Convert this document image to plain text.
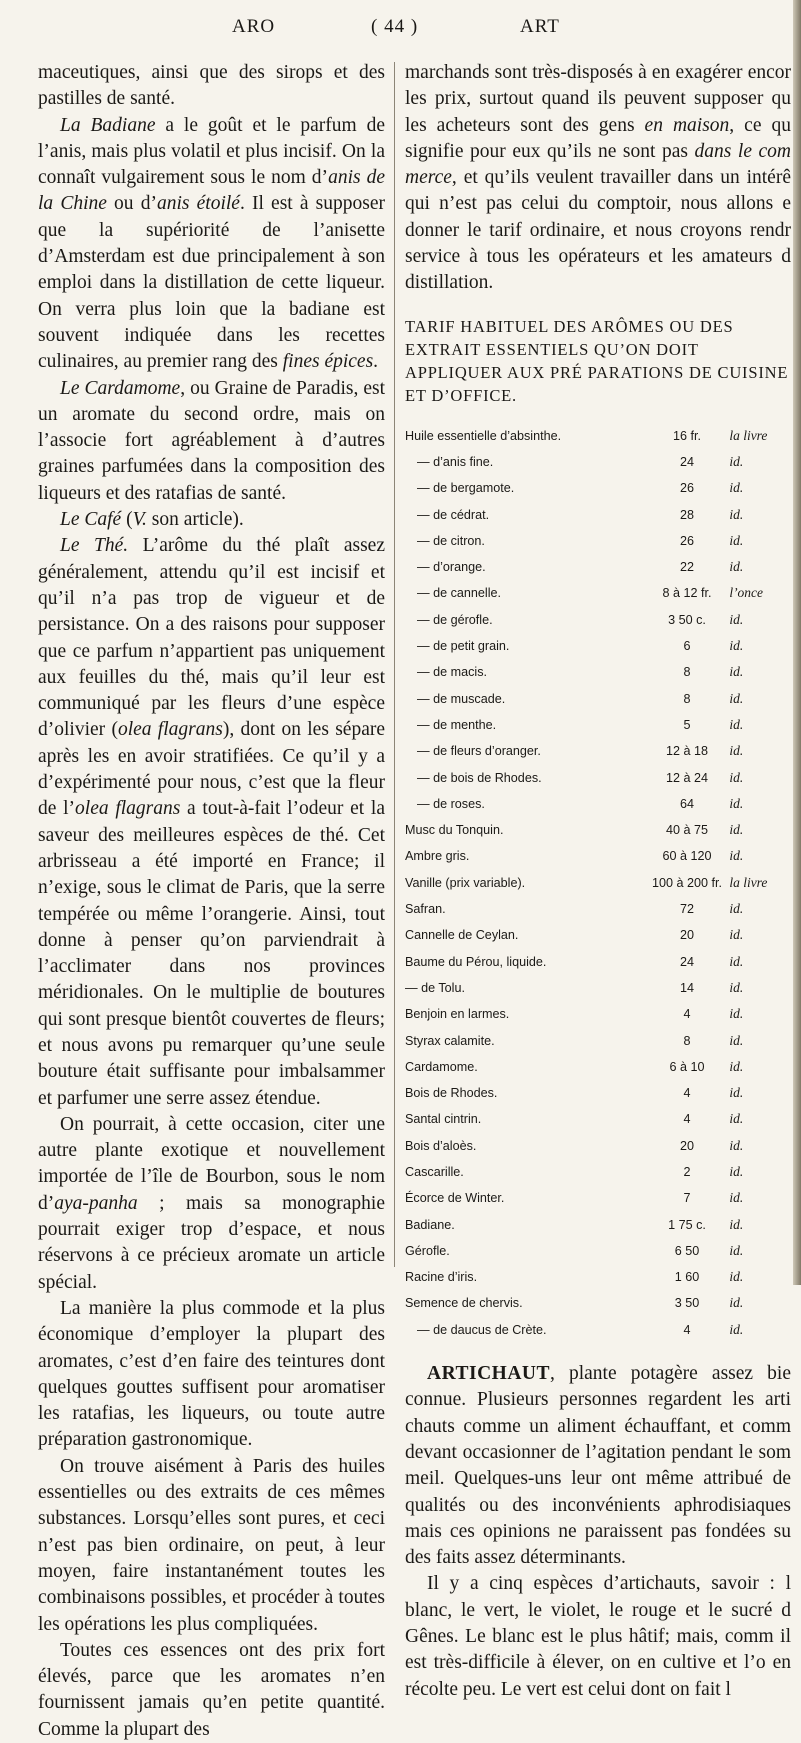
ARO	( 44 )	ART

maceutiques, ainsi que des sirops et des pastilles de santé.

La Badiane a le goût et le parfum de l’anis, mais plus volatil et plus incisif. On la connaît vulgairement sous le nom d’anis de la Chine ou d’anis étoilé. Il est à supposer que la supériorité de l’anisette d’Amsterdam est due principalement à son emploi dans la distillation de cette liqueur. On verra plus loin que la badiane est souvent indiquée dans les recettes culinaires, au premier rang des fines épices.

Le Cardamome, ou Graine de Paradis, est un aromate du second ordre, mais on l’associe fort agréablement à d’autres graines parfumées dans la composition des liqueurs et des ratafias de santé.

Le Café (V. son article).

Le Thé. L’arôme du thé plaît assez généralement, attendu qu’il est incisif et qu’il n’a pas trop de vigueur et de persistance. On a des raisons pour supposer que ce parfum n’appartient pas uniquement aux feuilles du thé, mais qu’il leur est communiqué par les fleurs d’une espèce d’olivier (olea flagrans), dont on les sépare après les en avoir stratifiées. Ce qu’il y a d’expérimenté pour nous, c’est que la fleur de l’olea flagrans a tout-à-fait l’odeur et la saveur des meilleures espèces de thé. Cet arbrisseau a été importé en France; il n’exige, sous le climat de Paris, que la serre tempérée ou même l’orangerie. Ainsi, tout donne à penser qu’on parviendrait à l’acclimater dans nos provinces méridionales. On le multiplie de boutures qui sont presque bientôt couvertes de fleurs; et nous avons pu remarquer qu’une seule bouture était suffisante pour imbalsammer et parfumer une serre assez étendue.

On pourrait, à cette occasion, citer une autre plante exotique et nouvellement importée de l’île de Bourbon, sous le nom d’aya-panha ; mais sa monographie pourrait exiger trop d’espace, et nous réservons à ce précieux aromate un article spécial.

La manière la plus commode et la plus économique d’employer la plupart des aromates, c’est d’en faire des teintures dont quelques gouttes suffisent pour aromatiser les ratafias, les liqueurs, ou toute autre préparation gastronomique.

On trouve aisément à Paris des huiles essentielles ou des extraits de ces mêmes substances. Lorsqu’elles sont pures, et ceci n’est pas bien ordinaire, on peut, à leur moyen, faire instantanément toutes les combinaisons possibles, et procéder à toutes les opérations les plus compliquées.

Toutes ces essences ont des prix fort élevés, parce que les aromates n’en fournissent jamais qu’en petite quantité. Comme la plupart des

marchands sont très-disposés à en exagérer encor les prix, surtout quand ils peuvent supposer qu les acheteurs sont des gens en maison, ce qu signifie pour eux qu’ils ne sont pas dans le com merce, et qu’ils veulent travailler dans un intérê qui n’est pas celui du comptoir, nous allons e donner le tarif ordinaire, et nous croyons rendr service à tous les opérateurs et les amateurs d distillation.

TARIF HABITUEL DES ARÔMES OU DES EXTRAIT ESSENTIELS QU’ON DOIT APPLIQUER AUX PRÉ PARATIONS DE CUISINE ET D’OFFICE.
Huile essentielle d’absinthe.	16 fr.	la livre
— d’anis fine.	24	id.
— de bergamote.	26	id.
— de cédrat.	28	id.
— de citron.	26	id.
— d’orange.	22	id.
— de cannelle.	8 à 12 fr.	l’once
— de gérofle.	3 50 c.	id.
— de petit grain.	6	id.
— de macis.	8	id.
— de muscade.	8	id.
— de menthe.	5	id.
— de fleurs d’oranger.	12 à 18	id.
— de bois de Rhodes.	12 à 24	id.
— de roses.	64	id.
Musc du Tonquin.	40 à 75	id.
Ambre gris.	60 à 120	id.
Vanille (prix variable).	100 à 200 fr.	la livre
Safran.	72	id.
Cannelle de Ceylan.	20	id.
Baume du Pérou, liquide.	24	id.
— de Tolu.	14	id.
Benjoin en larmes.	4	id.
Styrax calamite.	8	id.
Cardamome.	6 à 10	id.
Bois de Rhodes.	4	id.
Santal cintrin.	4	id.
Bois d’aloès.	20	id.
Cascarille.	2	id.
Écorce de Winter.	7	id.
Badiane.	1 75 c.	id.
Gérofle.	6 50	id.
Racine d’iris.	1 60	id.
Semence de chervis.	3 50	id.
— de daucus de Crète.	4	id.

ARTICHAUT, plante potagère assez bie connue. Plusieurs personnes regardent les arti chauts comme un aliment échauffant, et comm devant occasionner de l’agitation pendant le som meil. Quelques-uns leur ont même attribué de qualités ou des inconvénients aphrodisiaques mais ces opinions ne paraissent pas fondées su des faits assez déterminants.

Il y a cinq espèces d’artichauts, savoir : l blanc, le vert, le violet, le rouge et le sucré d Gênes. Le blanc est le plus hâtif; mais, comm il est très-difficile à élever, on en cultive et l’o en récolte peu. Le vert est celui dont on fait l
